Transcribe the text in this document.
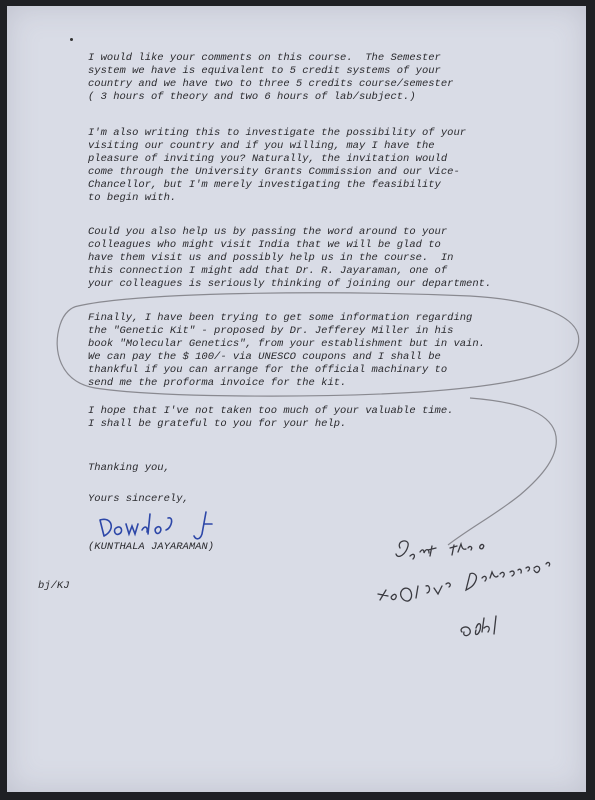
I would like your comments on this course.  The Semester
system we have is equivalent to 5 credit systems of your
country and we have two to three 5 credits course/semester
( 3 hours of theory and two 6 hours of lab/subject.)

I'm also writing this to investigate the possibility of your
visiting our country and if you willing, may I have the
pleasure of inviting you? Naturally, the invitation would
come through the University Grants Commission and our Vice-
Chancellor, but I'm merely investigating the feasibility
to begin with.

Could you also help us by passing the word around to your
colleagues who might visit India that we will be glad to
have them visit us and possibly help us in the course.  In
this connection I might add that Dr. R. Jayaraman, one of
your colleagues is seriously thinking of joining our department.

Finally, I have been trying to get some information regarding
the "Genetic Kit" - proposed by Dr. Jefferey Miller in his
book "Molecular Genetics", from your establishment but in vain.
We can pay the $ 100/- via UNESCO coupons and I shall be
thankful if you can arrange for the official machinary to
send me the proforma invoice for the kit.

I hope that I've not taken too much of your valuable time.
I shall be grateful to you for your help.

Thanking you,

Yours sincerely,

(KUNTHALA JAYARAMAN)

bj/KJ
